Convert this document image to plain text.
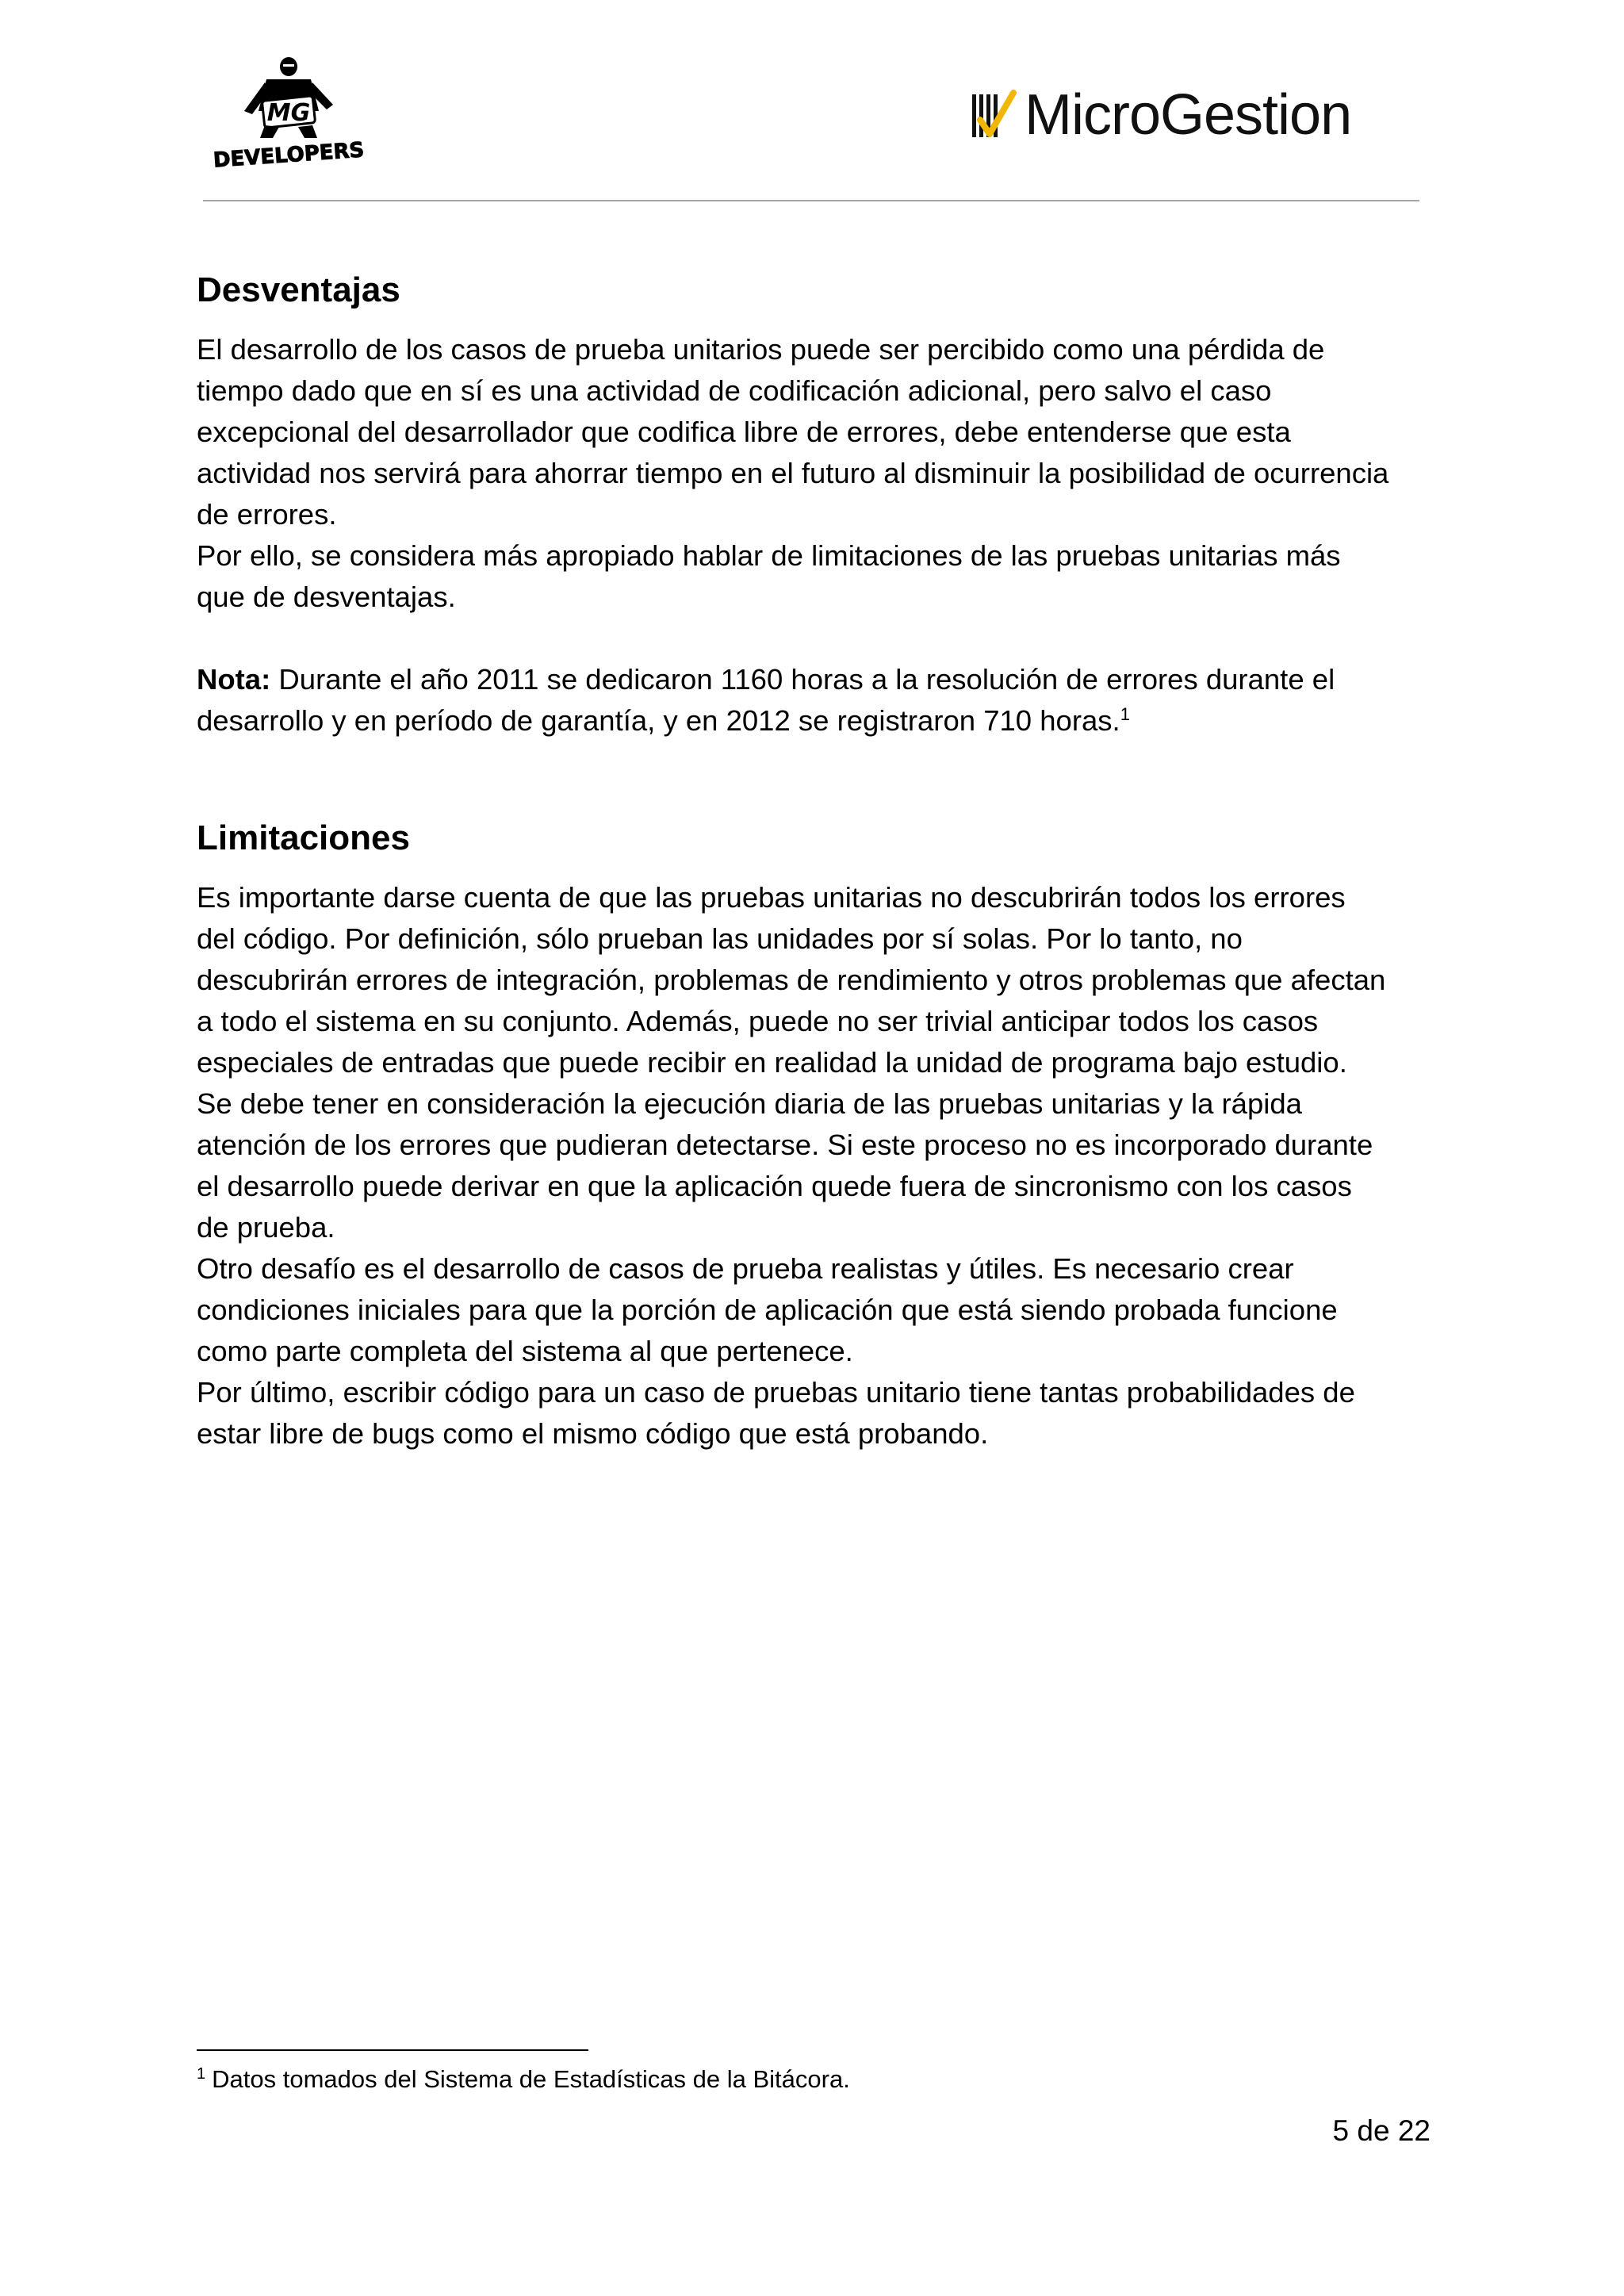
MG
DEVELOPERS
MicroGestion
Desventajas

El desarrollo de los casos de prueba unitarios puede ser percibido como una pérdida de
tiempo dado que en sí es una actividad de codificación adicional, pero salvo el caso
excepcional del desarrollador que codifica libre de errores, debe entenderse que esta
actividad nos servirá para ahorrar tiempo en el futuro al disminuir la posibilidad de ocurrencia
de errores.
Por ello, se considera más apropiado hablar de limitaciones de las pruebas unitarias más
que de desventajas.

Nota: Durante el año 2011 se dedicaron 1160 horas a la resolución de errores durante el
desarrollo y en período de garantía, y en 2012 se registraron 710 horas.$^1$

Limitaciones

Es importante darse cuenta de que las pruebas unitarias no descubrirán todos los errores
del código. Por definición, sólo prueban las unidades por sí solas. Por lo tanto, no
descubrirán errores de integración, problemas de rendimiento y otros problemas que afectan
a todo el sistema en su conjunto. Además, puede no ser trivial anticipar todos los casos
especiales de entradas que puede recibir en realidad la unidad de programa bajo estudio.
Se debe tener en consideración la ejecución diaria de las pruebas unitarias y la rápida
atención de los errores que pudieran detectarse. Si este proceso no es incorporado durante
el desarrollo puede derivar en que la aplicación quede fuera de sincronismo con los casos
de prueba.
Otro desafío es el desarrollo de casos de prueba realistas y útiles. Es necesario crear
condiciones iniciales para que la porción de aplicación que está siendo probada funcione
como parte completa del sistema al que pertenece.
Por último, escribir código para un caso de pruebas unitario tiene tantas probabilidades de
estar libre de bugs como el mismo código que está probando.

$^1$ Datos tomados del Sistema de Estadísticas de la Bitácora.
5 de 22
